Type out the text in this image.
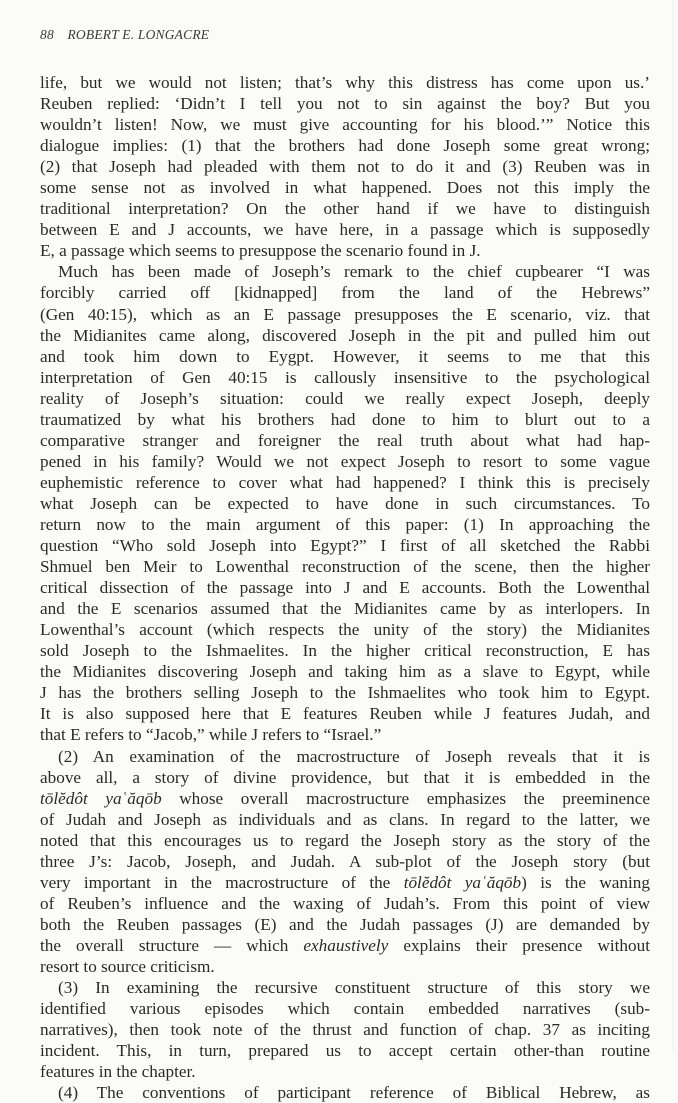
88 ROBERT E. LONGACRE
life, but we would not listen; that’s why this distress has come upon us.’
Reuben replied: ‘Didn’t I tell you not to sin against the boy? But you
wouldn’t listen! Now, we must give accounting for his blood.’” Notice this
dialogue implies: (1) that the brothers had done Joseph some great wrong;
(2) that Joseph had pleaded with them not to do it and (3) Reuben was in
some sense not as involved in what happened. Does not this imply the
traditional interpretation? On the other hand if we have to distinguish
between E and J accounts, we have here, in a passage which is supposedly
E, a passage which seems to presuppose the scenario found in J.
Much has been made of Joseph’s remark to the chief cupbearer “I was
forcibly carried off [kidnapped] from the land of the Hebrews”
(Gen 40:15), which as an E passage presupposes the E scenario, viz. that
the Midianites came along, discovered Joseph in the pit and pulled him out
and took him down to Eygpt. However, it seems to me that this
interpretation of Gen 40:15 is callously insensitive to the psychological
reality of Joseph’s situation: could we really expect Joseph, deeply
traumatized by what his brothers had done to him to blurt out to a
comparative stranger and foreigner the real truth about what had hap-
pened in his family? Would we not expect Joseph to resort to some vague
euphemistic reference to cover what had happened? I think this is precisely
what Joseph can be expected to have done in such circumstances. To
return now to the main argument of this paper: (1) In approaching the
question “Who sold Joseph into Egypt?” I first of all sketched the Rabbi
Shmuel ben Meir to Lowenthal reconstruction of the scene, then the higher
critical dissection of the passage into J and E accounts. Both the Lowenthal
and the E scenarios assumed that the Midianites came by as interlopers. In
Lowenthal’s account (which respects the unity of the story) the Midianites
sold Joseph to the Ishmaelites. In the higher critical reconstruction, E has
the Midianites discovering Joseph and taking him as a slave to Egypt, while
J has the brothers selling Joseph to the Ishmaelites who took him to Egypt.
It is also supposed here that E features Reuben while J features Judah, and
that E refers to “Jacob,” while J refers to “Israel.”
(2) An examination of the macrostructure of Joseph reveals that it is
above all, a story of divine providence, but that it is embedded in the
tōlĕdôt yaʿăqōb whose overall macrostructure emphasizes the preeminence
of Judah and Joseph as individuals and as clans. In regard to the latter, we
noted that this encourages us to regard the Joseph story as the story of the
three J’s: Jacob, Joseph, and Judah. A sub-plot of the Joseph story (but
very important in the macrostructure of the tōlĕdôt yaʿăqōb) is the waning
of Reuben’s influence and the waxing of Judah’s. From this point of view
both the Reuben passages (E) and the Judah passages (J) are demanded by
the overall structure — which exhaustively explains their presence without
resort to source criticism.
(3) In examining the recursive constituent structure of this story we
identified various episodes which contain embedded narratives (sub-
narratives), then took note of the thrust and function of chap. 37 as inciting
incident. This, in turn, prepared us to accept certain other-than routine
features in the chapter.
(4) The conventions of participant reference of Biblical Hebrew, as
